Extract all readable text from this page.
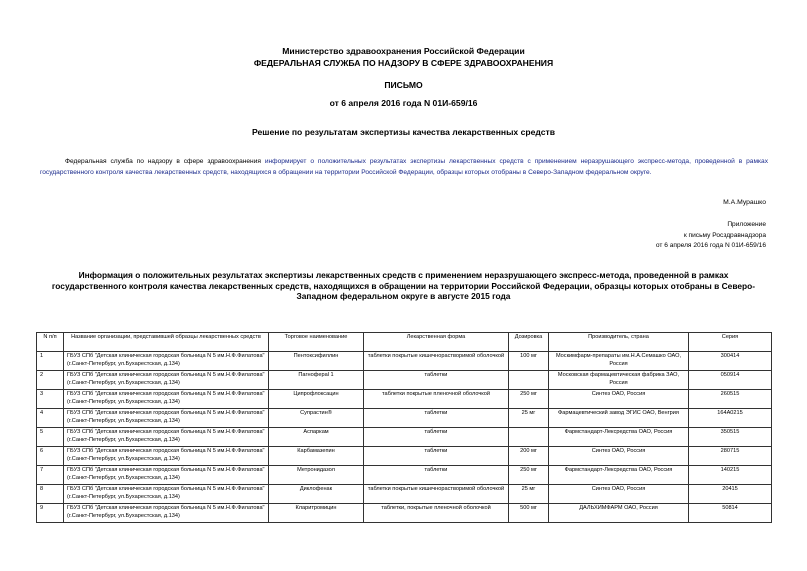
Министерство здравоохранения Российской Федерации
ФЕДЕРАЛЬНАЯ СЛУЖБА ПО НАДЗОРУ В СФЕРЕ ЗДРАВООХРАНЕНИЯ
ПИСЬМО
от 6 апреля 2016 года N 01И-659/16
Решение по результатам экспертизы качества лекарственных средств
Федеральная служба по надзору в сфере здравоохранения информирует о положительных результатах экспертизы лекарственных средств с применением неразрушающего экспресс-метода, проведенной в рамках государственного контроля качества лекарственных средств, находящихся в обращении на территории Российской Федерации, образцы которых отобраны в Северо-Западном федеральном округе.
М.А.Мурашко
Приложение
к письму Росздравнадзора
от 6 апреля 2016 года N 01И-659/16
Информация о положительных результатах экспертизы лекарственных средств с применением неразрушающего экспресс-метода, проведенной в рамках государственного контроля качества лекарственных средств, находящихся в обращении на территории Российской Федерации, образцы которых отобраны в Северо-Западном федеральном округе в августе 2015 года
N п/п	Название организации, представившей образцы лекарственных средств	Торговое наименование	Лекарственная форма	Дозировка	Производитель, страна	Серия
1	ГБУЗ СПб "Детская клиническая городская больница N 5 им.Н.Ф.Филатова" (г.Санкт-Петербург, ул.Бухарестская, д.134)	Пентоксифиллин	таблетки покрытые кишечнорастворимой оболочкой	100 мг	Москимфарм-препараты им.Н.А.Семашко ОАО, Россия	300414
2	ГБУЗ СПб "Детская клиническая городская больница N 5 им.Н.Ф.Филатова" (г.Санкт-Петербург, ул.Бухарестская, д.134)	Пагнофераl 1	таблетки		Московская фармацевтическая фабрика ЗАО, Россия	050914
3	ГБУЗ СПб "Детская клиническая городская больница N 5 им.Н.Ф.Филатова" (г.Санкт-Петербург, ул.Бухарестская, д.134)	Ципрофлоксацин	таблетки покрытые пленочной оболочкой	250 мг	Синтез ОАО, Россия	260515
4	ГБУЗ СПб "Детская клиническая городская больница N 5 им.Н.Ф.Филатова" (г.Санкт-Петербург, ул.Бухарестская, д.134)	Супрастин®	таблетки	25 мг	Фармацевтический завод ЭГИС ОАО, Венгрия	164А0215
5	ГБУЗ СПб "Детская клиническая городская больница N 5 им.Н.Ф.Филатова" (г.Санкт-Петербург, ул.Бухарестская, д.134)	Аспаркам	таблетки		Фармстандарт-Лексредства ОАО, Россия	350515
6	ГБУЗ СПб "Детская клиническая городская больница N 5 им.Н.Ф.Филатова" (г.Санкт-Петербург, ул.Бухарестская, д.134)	Карбамазепин	таблетки	200 мг	Синтез ОАО, Россия	280715
7	ГБУЗ СПб "Детская клиническая городская больница N 5 им.Н.Ф.Филатова" (г.Санкт-Петербург, ул.Бухарестская, д.134)	Метронидазол	таблетки	250 мг	Фармстандарт-Лексредства ОАО, Россия	140215
8	ГБУЗ СПб "Детская клиническая городская больница N 5 им.Н.Ф.Филатова" (г.Санкт-Петербург, ул.Бухарестская, д.134)	Диклофенак	таблетки покрытые кишечнорастворимой оболочкой	25 мг	Синтез ОАО, Россия	20415
9	ГБУЗ СПб "Детская клиническая городская больница N 5 им.Н.Ф.Филатова" (г.Санкт-Петербург, ул.Бухарестская, д.134)	Кларитромицин	таблетки, покрытые пленочной оболочкой	500 мг	ДАЛЬХИМФАРМ ОАО, Россия	50814
